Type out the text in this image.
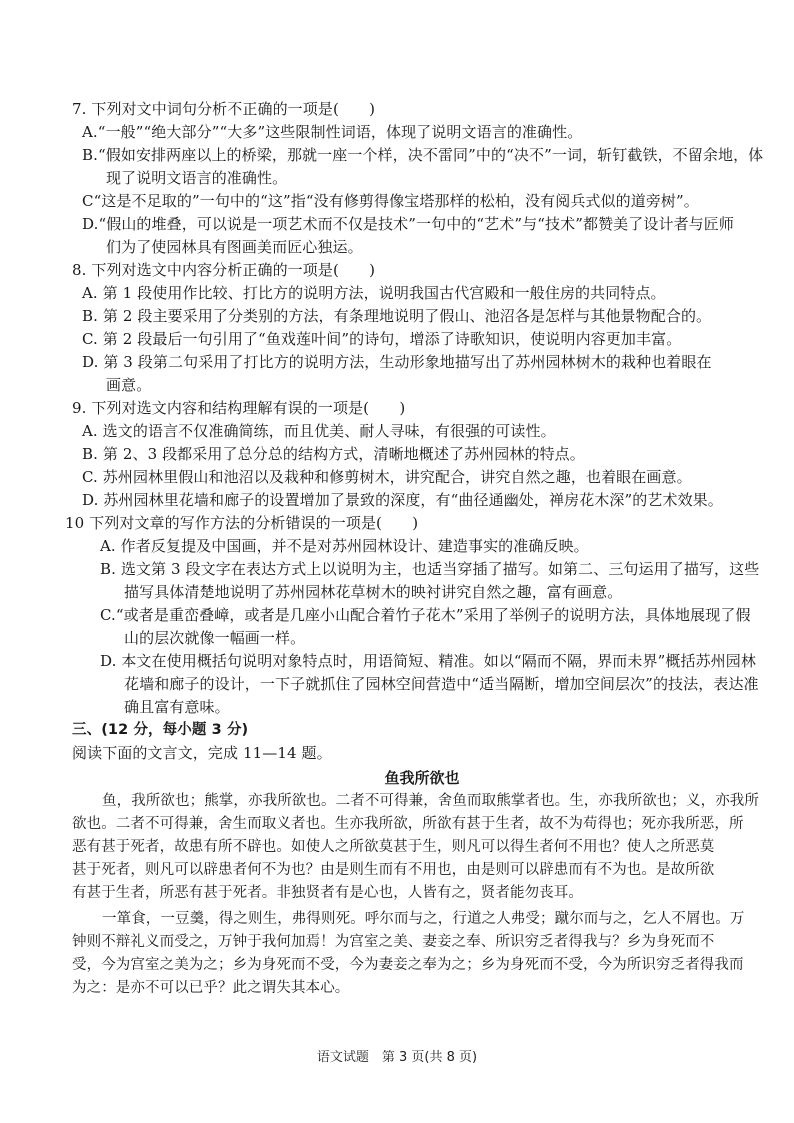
7. 下列对文中词句分析不正确的一项是(　　)
A.“一般”“绝大部分”“大多”这些限制性词语，体现了说明文语言的准确性。
B.“假如安排两座以上的桥梁，那就一座一个样，决不雷同”中的“决不”一词，斩钉截铁，不留余地，体
现了说明文语言的准确性。
C“这是不足取的”一句中的“这”指“没有修剪得像宝塔那样的松柏，没有阅兵式似的道旁树”。
D.“假山的堆叠，可以说是一项艺术而不仅是技术”一句中的“艺术”与“技术”都赞美了设计者与匠师
们为了使园林具有图画美而匠心独运。
8. 下列对选文中内容分析正确的一项是(　　)
A. 第 1 段使用作比较、打比方的说明方法，说明我国古代宫殿和一般住房的共同特点。
B. 第 2 段主要采用了分类别的方法，有条理地说明了假山、池沼各是怎样与其他景物配合的。
C. 第 2 段最后一句引用了“鱼戏莲叶间”的诗句，增添了诗歌知识，使说明内容更加丰富。
D. 第 3 段第二句采用了打比方的说明方法，生动形象地描写出了苏州园林树木的栽种也着眼在
画意。
9. 下列对选文内容和结构理解有误的一项是(　　)
A. 选文的语言不仅准确简练，而且优美、耐人寻味，有很强的可读性。
B. 第 2、3 段都采用了总分总的结构方式，清晰地概述了苏州园林的特点。
C. 苏州园林里假山和池沼以及栽种和修剪树木，讲究配合，讲究自然之趣，也着眼在画意。
D. 苏州园林里花墙和廊子的设置增加了景致的深度，有“曲径通幽处，禅房花木深”的艺术效果。
10 下列对文章的写作方法的分析错误的一项是(　　)
A. 作者反复提及中国画，并不是对苏州园林设计、建造事实的准确反映。
B. 选文第 3 段文字在表达方式上以说明为主，也适当穿插了描写。如第二、三句运用了描写，这些
描写具体清楚地说明了苏州园林花草树木的映衬讲究自然之趣，富有画意。
C.“或者是重峦叠嶂，或者是几座小山配合着竹子花木”采用了举例子的说明方法，具体地展现了假
山的层次就像一幅画一样。
D. 本文在使用概括句说明对象特点时，用语简短、精准。如以“隔而不隔，界而未界”概括苏州园林
花墙和廊子的设计，一下子就抓住了园林空间营造中“适当隔断，增加空间层次”的技法，表达准
确且富有意味。
三、(12 分，每小题 3 分)
阅读下面的文言文，完成 11—14 题。
鱼我所欲也
鱼，我所欲也；熊掌，亦我所欲也。二者不可得兼，舍鱼而取熊掌者也。生，亦我所欲也；义，亦我所
欲也。二者不可得兼，舍生而取义者也。生亦我所欲，所欲有甚于生者，故不为苟得也；死亦我所恶，所
恶有甚于死者，故患有所不辟也。如使人之所欲莫甚于生，则凡可以得生者何不用也？使人之所恶莫
甚于死者，则凡可以辟患者何不为也？由是则生而有不用也，由是则可以辟患而有不为也。是故所欲
有甚于生者，所恶有甚于死者。非独贤者有是心也，人皆有之，贤者能勿丧耳。
一箪食，一豆羹，得之则生，弗得则死。呼尔而与之，行道之人弗受；蹴尔而与之，乞人不屑也。万
钟则不辩礼义而受之，万钟于我何加焉！为宫室之美、妻妾之奉、所识穷乏者得我与？乡为身死而不
受，今为宫室之美为之；乡为身死而不受，今为妻妾之奉为之；乡为身死而不受，今为所识穷乏者得我而
为之：是亦不可以已乎？此之谓失其本心。
语文试题　第 3 页(共 8 页)
